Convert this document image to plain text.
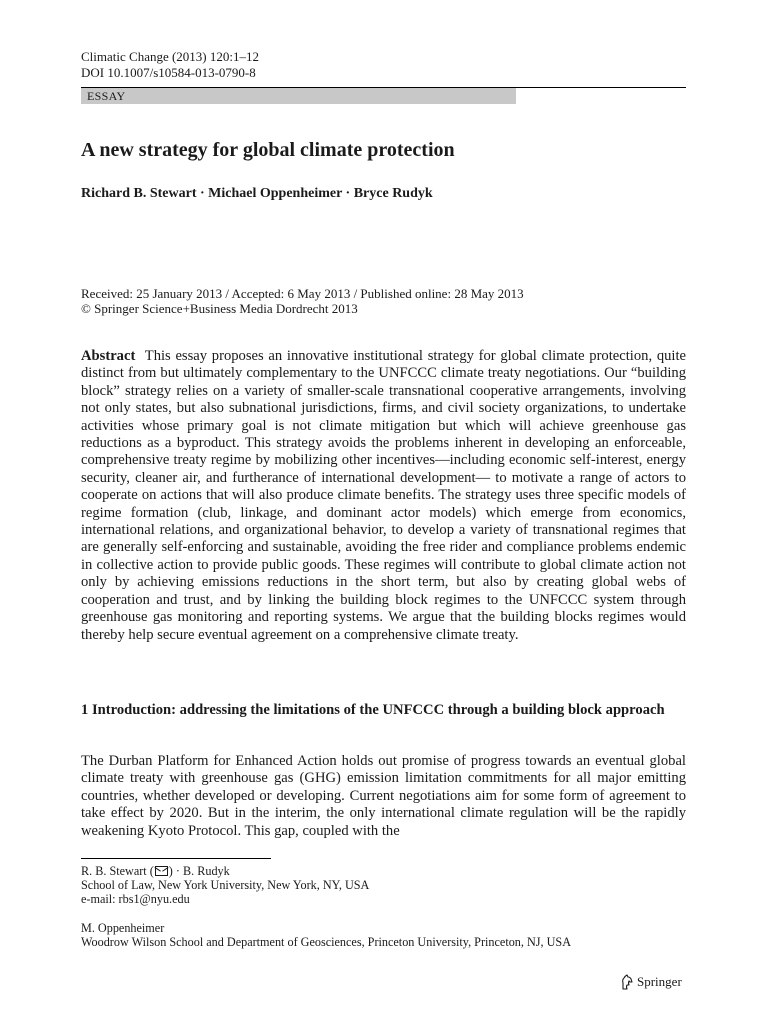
Climatic Change (2013) 120:1–12
DOI 10.1007/s10584-013-0790-8
ESSAY
A new strategy for global climate protection
Richard B. Stewart · Michael Oppenheimer · Bryce Rudyk
Received: 25 January 2013 / Accepted: 6 May 2013 / Published online: 28 May 2013
© Springer Science+Business Media Dordrecht 2013
Abstract This essay proposes an innovative institutional strategy for global climate protection, quite distinct from but ultimately complementary to the UNFCCC climate treaty negotiations. Our “building block” strategy relies on a variety of smaller-scale transnational cooperative arrangements, involving not only states, but also subnational jurisdictions, firms, and civil society organizations, to undertake activities whose primary goal is not climate mitigation but which will achieve greenhouse gas reductions as a byproduct. This strategy avoids the problems inherent in developing an enforceable, comprehensive treaty regime by mobilizing other incentives—including economic self-interest, energy security, cleaner air, and furtherance of international development— to motivate a range of actors to cooperate on actions that will also produce climate benefits. The strategy uses three specific models of regime formation (club, linkage, and dominant actor models) which emerge from economics, international relations, and organizational behavior, to develop a variety of transnational regimes that are generally self-enforcing and sustainable, avoiding the free rider and compliance problems endemic in collective action to provide public goods. These regimes will contribute to global climate action not only by achieving emissions reductions in the short term, but also by creating global webs of cooperation and trust, and by linking the building block regimes to the UNFCCC system through greenhouse gas monitoring and reporting systems. We argue that the building blocks regimes would thereby help secure eventual agreement on a comprehensive climate treaty.
1 Introduction: addressing the limitations of the UNFCCC through a building block approach
The Durban Platform for Enhanced Action holds out promise of progress towards an eventual global climate treaty with greenhouse gas (GHG) emission limitation commitments for all major emitting countries, whether developed or developing. Current negotiations aim for some form of agreement to take effect by 2020. But in the interim, the only international climate regulation will be the rapidly weakening Kyoto Protocol. This gap, coupled with the
R. B. Stewart ( ) · B. Rudyk
School of Law, New York University, New York, NY, USA
e-mail: rbs1@nyu.edu
M. Oppenheimer
Woodrow Wilson School and Department of Geosciences, Princeton University, Princeton, NJ, USA
Springer
